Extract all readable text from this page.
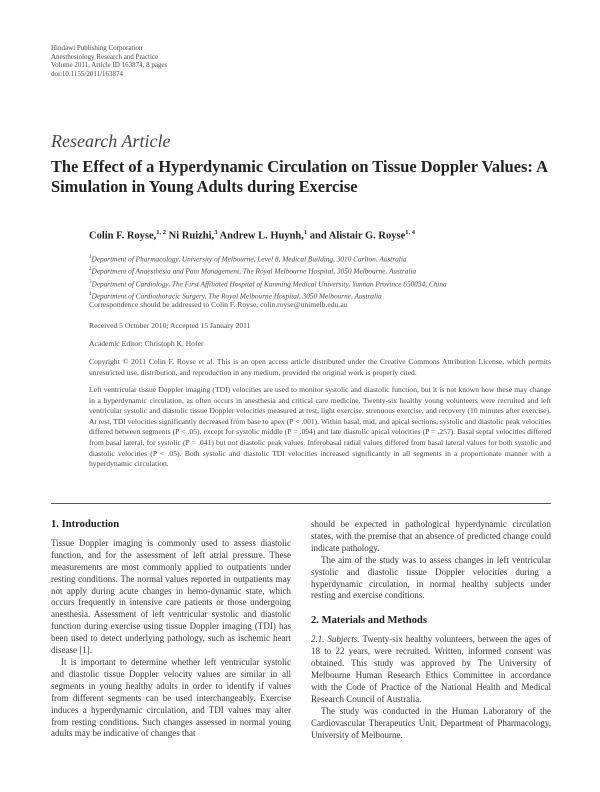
Hindawi Publishing Corporation
Anesthesiology Research and Practice
Volume 2011, Article ID 163874, 8 pages
doi:10.1155/2011/163874
Research Article
The Effect of a Hyperdynamic Circulation on Tissue Doppler Values: A Simulation in Young Adults during Exercise
Colin F. Royse,$^{1, 2}$ Ni Ruizhi,$^3$ Andrew L. Huynh,$^1$ and Alistair G. Royse$^{1, 4}$
$^1$Department of Pharmacology, University of Melbourne, Level 8, Medical Building, 3010 Carlton, Australia
$^2$Department of Anaesthesia and Pain Management, The Royal Melbourne Hospital, 3050 Melbourne, Australia
$^3$Department of Cardiology, The First Affiliated Hospital of Kunming Medical University, Yunnan Province 650034, China
$^4$Department of Cardiothoracic Surgery, The Royal Melbourne Hospital, 3050 Melbourne, Australia
Correspondence should be addressed to Colin F. Royse, colin.royse@unimelb.edu.au
Received 5 October 2010; Accepted 15 January 2011
Academic Editor: Christoph K. Hofer
Copyright © 2011 Colin F. Royse et al. This is an open access article distributed under the Creative Commons Attribution License, which permits unrestricted use, distribution, and reproduction in any medium, provided the original work is properly cited.
Left ventricular tissue Doppler imaging (TDI) velocities are used to monitor systolic and diastolic function, but it is not known how these may change in a hyperdynamic circulation, as often occurs in anesthesia and critical care medicine. Twenty-six healthy young volunteers were recruited and left ventricular systolic and diastolic tissue Doppler velocities measured at rest, light exercise, strenuous exercise, and recovery (10 minutes after exercise). At rest, TDI velocities significantly decreased from base to apex (P < .001). Within basal, mid, and apical sections, systolic and diastolic peak velocities differed between segments (P < .05), except for systolic middle (P = .094) and late diastolic apical velocities (P = .257). Basal septal velocities differed from basal lateral, for systolic (P = .041) but not diastolic peak values. Inferobasal radial values differed from basal lateral values for both systolic and diastolic velocities (P < .05). Both systolic and diastolic TDI velocities increased significantly in all segments in a proportionate manner with a hyperdynamic circulation.
1. Introduction

Tissue Doppler imaging is commonly used to assess diastolic function, and for the assessment of left atrial pressure. These measurements are most commonly applied to outpatients under resting conditions. The normal values reported in outpatients may not apply during acute changes in hemo-dynamic state, which occurs frequently in intensive care patients or those undergoing anesthesia. Assessment of left ventricular systolic and diastolic function during exercise using tissue Doppler imaging (TDI) has been used to detect underlying pathology, such as ischemic heart disease [1].

It is important to determine whether left ventricular systolic and diastolic tissue Doppler velocity values are similar in all segments in young healthy adults in order to identify if values from different segments can be used interchangeably. Exercise induces a hyperdynamic circulation, and TDI values may alter from resting conditions. Such changes assessed in normal young adults may be indicative of changes that

should be expected in pathological hyperdynamic circulation states, with the premise that an absence of predicted change could indicate pathology.

The aim of the study was to assess changes in left ventricular systolic and diastolic tissue Doppler velocities during a hyperdynamic circulation, in normal healthy subjects under resting and exercise conditions.

2. Materials and Methods

2.1. Subjects. Twenty-six healthy volunteers, between the ages of 18 to 22 years, were recruited. Written, informed consent was obtained. This study was approved by The University of Melbourne Human Research Ethics Committee in accordance with the Code of Practice of the National Health and Medical Research Council of Australia.

The study was conducted in the Human Laboratory of the Cardiovascular Therapeutics Unit, Department of Pharmacology, University of Melbourne.
